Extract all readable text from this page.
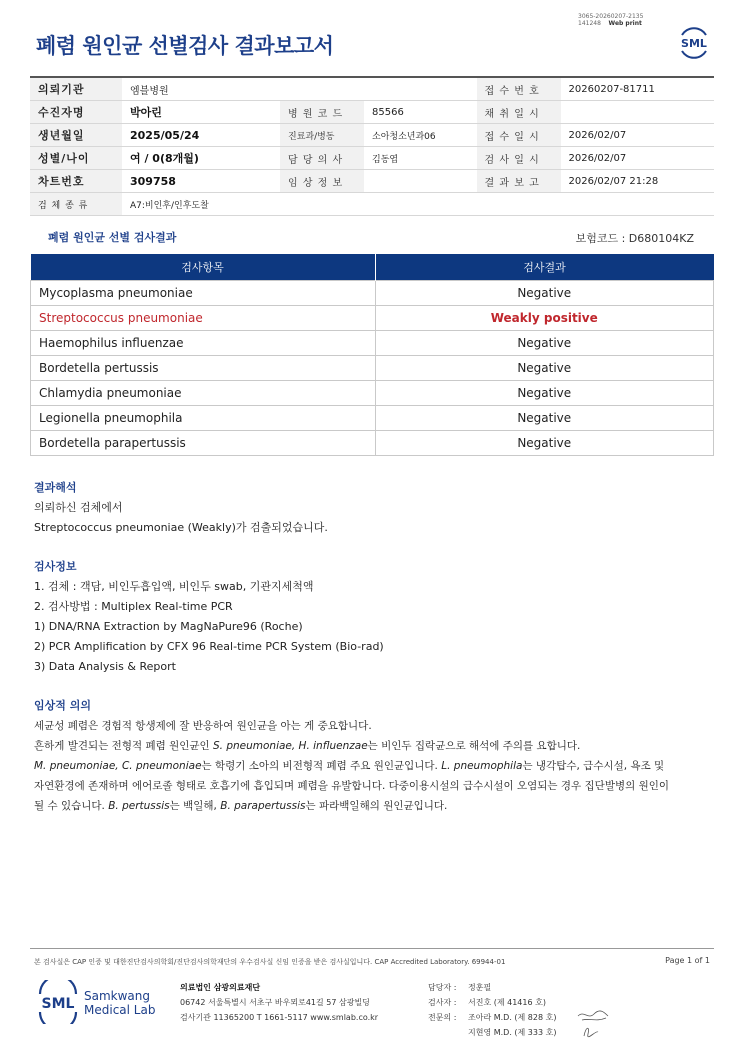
폐렴 원인균 선별검사 결과보고서
3065-20260207-2135
141248 Web print
SML
의뢰기관	엠블병원			접 수 번 호	20260207-81711
수진자명	박아린	병 원 코 드	85566	채 취 일 시	
생년월일	2025/05/24	진료과/병동	소아청소년과06	접 수 일 시	2026/02/07
성별/나이	여 / 0(8개월)	담 당 의 사	김동엽	검 사 일 시	2026/02/07
차트번호	309758	임 상 정 보		결 과 보 고	2026/02/07 21:28
검 체 종 류	A7:비인후/인후도찰				
폐렴 원인균 선별 검사결과	보험코드 : D680104KZ
검사항목	검사결과
Mycoplasma pneumoniae	Negative
Streptococcus pneumoniae	Weakly positive
Haemophilus influenzae	Negative
Bordetella pertussis	Negative
Chlamydia pneumoniae	Negative
Legionella pneumophila	Negative
Bordetella parapertussis	Negative

결과해석

의뢰하신 검체에서

Streptococcus pneumoniae (Weakly)가 검출되었습니다.

검사정보

1. 검체 : 객담, 비인두흡입액, 비인두 swab, 기관지세척액

2. 검사방법 : Multiplex Real-time PCR

1) DNA/RNA Extraction by MagNaPure96 (Roche)

2) PCR Amplification by CFX 96 Real-time PCR System (Bio-rad)

3) Data Analysis & Report

임상적 의의

세균성 폐렴은 경험적 항생제에 잘 반응하여 원인균을 아는 게 중요합니다.

흔하게 발견되는 전형적 폐렴 원인균인 S. pneumoniae, H. influenzae는 비인두 집락균으로 해석에 주의를 요합니다.

M. pneumoniae, C. pneumoniae는 학령기 소아의 비전형적 폐렴 주요 원인균입니다. L. pneumophila는 냉각탑수, 급수시설, 욕조 및

자연환경에 존재하며 에어로졸 형태로 호흡기에 흡입되며 폐렴을 유발합니다. 다중이용시설의 급수시설이 오염되는 경우 집단발병의 원인이

될 수 있습니다. B. pertussis는 백일해, B. parapertussis는 파라백일해의 원인균입니다.

본 검사실은 CAP 인증 및 대한진단검사의학회/진단검사의학재단의 우수검사실 신임 인증을 받은 검사실입니다. CAP Accredited Laboratory. 69944-01	Page 1 of 1
SML Samkwang
Medical Lab
의료법인 삼광의료재단
06742 서울특별시 서초구 바우뫼로41길 57 삼광빌딩
검사기관 11365200 T 1661-5117 www.smlab.co.kr
담당자 :	정훈필
검사자 :	서진호 (제 41416 호)
전문의 :	조아라 M.D. (제 828 호)
	지현영 M.D. (제 333 호)
